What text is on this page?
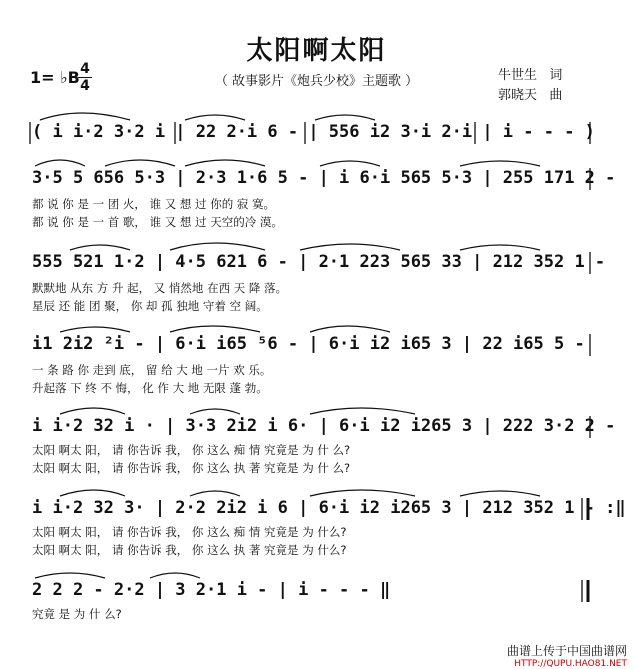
太阳啊太阳
（ 故事影片《炮兵少校》主题歌 ）
1= ♭B 4
4
牛世生 词
郭晓天 曲
( i i·2 3·2 i | 22 2·i 6 - | 556 i2 3·i 2·i | i - - - )
3·5 5 656 5·3 | 2·3 1·6 5 - | i 6·i 565 5·3 | 255 171 2 -
都 说 你 是 一 团 火， 谁 又 想 过 你的 寂 寞。
都 说 你 是 一 首 歌， 谁 又 想 过 天空的冷 漠。
555 521 1·2 | 4·5 621 6 - | 2·1 223 565 33 | 212 352 1 -
默默地 从东 方 升 起， 又 悄然地 在西 天 降 落。
星辰 还 能 团 聚， 你 却 孤 独地 守着 空 阔。
i1 2i2 ²i - | 6·i i65 ⁵6 - | 6·i i2 i65 3 | 22 i65 5 -
一 条 路 你 走到 底， 留 给 大 地 一片 欢 乐。
升起落 下 终 不 悔， 化 作 大 地 无限 蓬 勃。
i i·2 32 i · | 3·3 2i2 i 6· | 6·i i2 i265 3 | 222 3·2 2 -
太阳 啊太 阳， 请 你告诉 我， 你 这么 痴 情 究竟是 为 什 么?
太阳 啊太 阳， 请 你告诉 我， 你 这么 执 著 究竟是 为 什 么?
i i·2 32 3· | 2·2 2i2 i 6 | 6·i i2 i265 3 | 212 352 1 - :‖
太阳 啊太 阳， 请 你告诉 我， 你 这么 痴 情 究竟是 为 什么?
太阳 啊太 阳， 请 你告诉 我， 你 这么 执 著 究竟是 为 什么?
2 2 2 - 2·2 | 3 2·1 i - | i - - - ‖
究竟 是 为 什 么?
曲谱上传于中国曲谱网
HTTP://QUPU.HAO81.NET
